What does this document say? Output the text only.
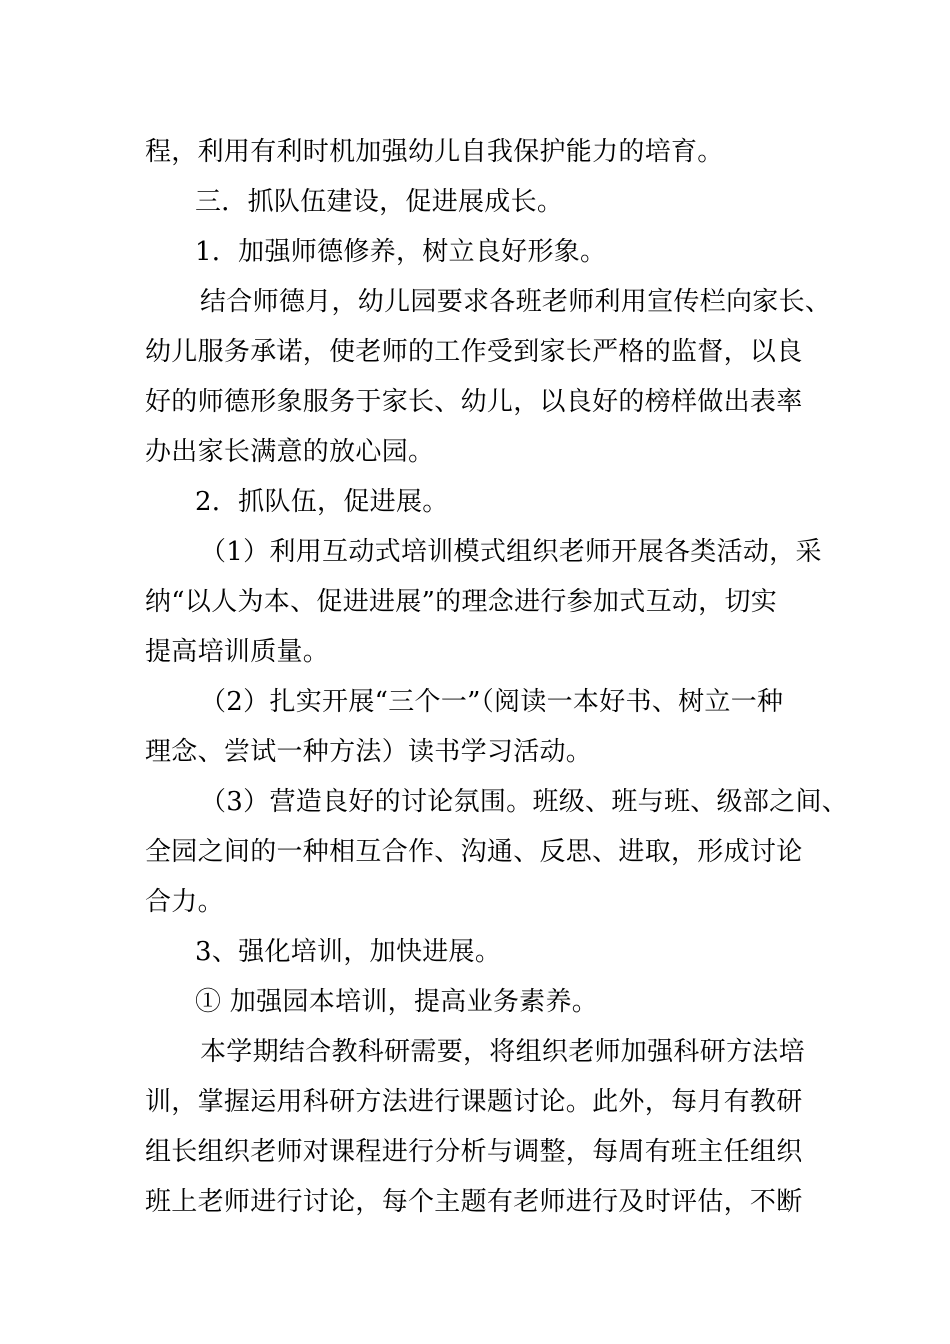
程，利用有利时机加强幼儿自我保护能力的培育。
三．抓队伍建设，促进展成长。
1．加强师德修养，树立良好形象。
结合师德月，幼儿园要求各班老师利用宣传栏向家长、
幼儿服务承诺，使老师的工作受到家长严格的监督，以良
好的师德形象服务于家长、幼儿，以良好的榜样做出表率
办出家长满意的放心园。
2．抓队伍，促进展。
（1）利用互动式培训模式组织老师开展各类活动，采
纳“以人为本、促进进展”的理念进行参加式互动，切实
提高培训质量。
（2）扎实开展“三个一”（阅读一本好书、树立一种
理念、尝试一种方法）读书学习活动。
（3）营造良好的讨论氛围。班级、班与班、级部之间、
全园之间的一种相互合作、沟通、反思、进取，形成讨论
合力。
3、强化培训，加快进展。
① 加强园本培训，提高业务素养。
本学期结合教科研需要，将组织老师加强科研方法培
训，掌握运用科研方法进行课题讨论。此外，每月有教研
组长组织老师对课程进行分析与调整，每周有班主任组织
班上老师进行讨论，每个主题有老师进行及时评估，不断
